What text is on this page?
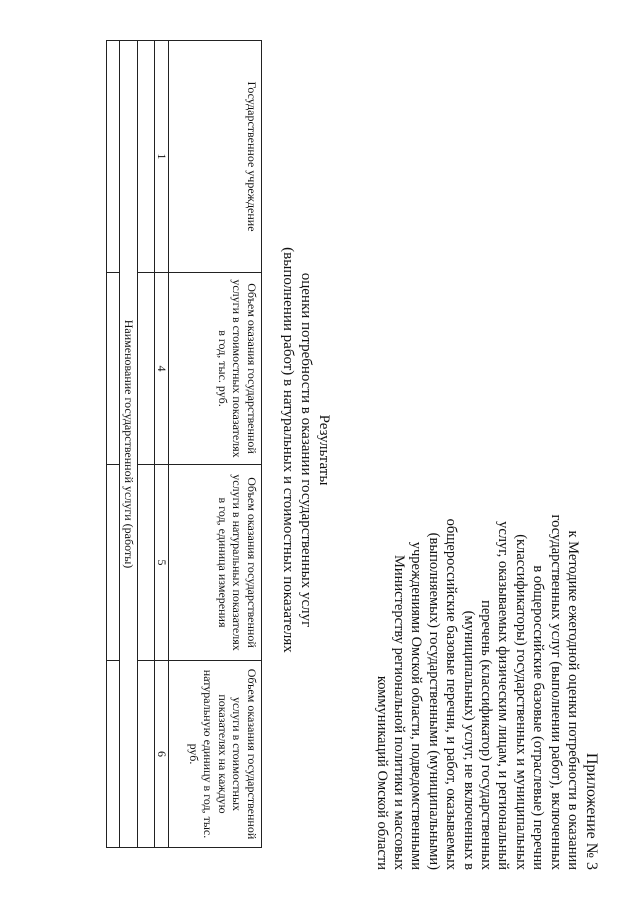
Приложение № 3
к Методике ежегодной оценки потребности в оказании
государственных услуг (выполнении работ), включенных
в общероссийские базовые (отраслевые) перечни
(классификаторы) государственных и муниципальных
услуг, оказываемых физическим лицам, и региональный
перечень (классификатор) государственных
(муниципальных) услуг, не включенных в
общероссийские базовые перечни, и работ, оказываемых
(выполняемых) государственными (муниципальными)
учреждениями Омской области, подведомственными
Министерству региональной политики и массовых
коммуникаций Омской области
Результаты
оценки потребности в оказании государственных услуг
(выполнении работ) в натуральных и стоимостных показателях
Государственное учреждение	Объем оказания государственной услуги в стоимостных показателях в год, тыс. руб.	Объем оказания государственной услуги в натуральных показателях в год, единица измерения	Объем оказания государственной услуги в стоимостных показателях на каждую натуральную единицу в год, тыс. руб.
1	4	5	6

Наименование государственной услуги (работы)			
